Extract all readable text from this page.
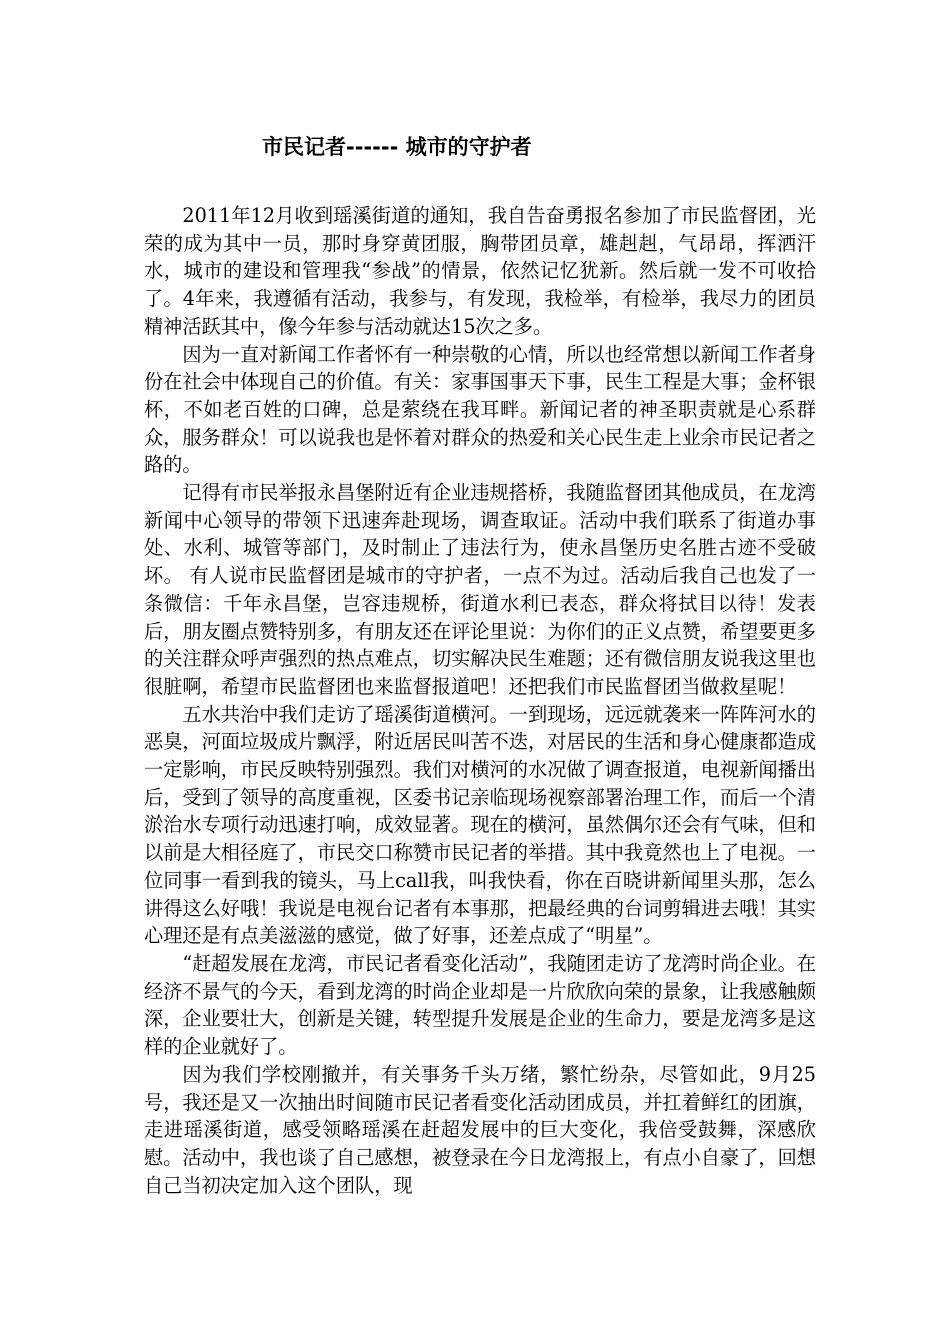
市民记者------ 城市的守护者

2011年12月收到瑶溪街道的通知，我自告奋勇报名参加了市民监督团，光荣的成为其中一员，那时身穿黄团服，胸带团员章，雄赳赳，气昂昂，挥洒汗水，城市的建设和管理我“参战”的情景，依然记忆犹新。然后就一发不可收拾了。4年来，我遵循有活动，我参与，有发现，我检举，有检举，我尽力的团员精神活跃其中，像今年参与活动就达15次之多。

因为一直对新闻工作者怀有一种崇敬的心情，所以也经常想以新闻工作者身份在社会中体现自己的价值。有关：家事国事天下事，民生工程是大事；金杯银杯，不如老百姓的口碑，总是萦绕在我耳畔。新闻记者的神圣职责就是心系群众，服务群众！可以说我也是怀着对群众的热爱和关心民生走上业余市民记者之路的。

记得有市民举报永昌堡附近有企业违规搭桥，我随监督团其他成员，在龙湾新闻中心领导的带领下迅速奔赴现场，调查取证。活动中我们联系了街道办事处、水利、城管等部门，及时制止了违法行为，使永昌堡历史名胜古迹不受破坏。 有人说市民监督团是城市的守护者，一点不为过。活动后我自己也发了一条微信：千年永昌堡，岂容违规桥，街道水利已表态，群众将拭目以待！发表后，朋友圈点赞特别多，有朋友还在评论里说：为你们的正义点赞，希望要更多的关注群众呼声强烈的热点难点，切实解决民生难题；还有微信朋友说我这里也很脏啊，希望市民监督团也来监督报道吧！还把我们市民监督团当做救星呢！

五水共治中我们走访了瑶溪街道横河。一到现场，远远就袭来一阵阵河水的恶臭，河面垃圾成片飘浮，附近居民叫苦不迭，对居民的生活和身心健康都造成一定影响，市民反映特别强烈。我们对横河的水况做了调查报道，电视新闻播出后，受到了领导的高度重视，区委书记亲临现场视察部署治理工作，而后一个清淤治水专项行动迅速打响，成效显著。现在的横河，虽然偶尔还会有气味，但和以前是大相径庭了，市民交口称赞市民记者的举措。其中我竟然也上了电视。一位同事一看到我的镜头，马上call我，叫我快看，你在百晓讲新闻里头那，怎么讲得这么好哦！我说是电视台记者有本事那，把最经典的台词剪辑进去哦！其实心理还是有点美滋滋的感觉，做了好事，还差点成了“明星”。

“赶超发展在龙湾，市民记者看变化活动”，我随团走访了龙湾时尚企业。在经济不景气的今天，看到龙湾的时尚企业却是一片欣欣向荣的景象，让我感触颇深，企业要壮大，创新是关键，转型提升发展是企业的生命力，要是龙湾多是这样的企业就好了。

因为我们学校刚撤并，有关事务千头万绪，繁忙纷杂，尽管如此，9月25号，我还是又一次抽出时间随市民记者看变化活动团成员，并扛着鲜红的团旗，走进瑶溪街道，感受领略瑶溪在赶超发展中的巨大变化，我倍受鼓舞，深感欣慰。活动中，我也谈了自己感想，被登录在今日龙湾报上，有点小自豪了，回想自己当初决定加入这个团队，现
